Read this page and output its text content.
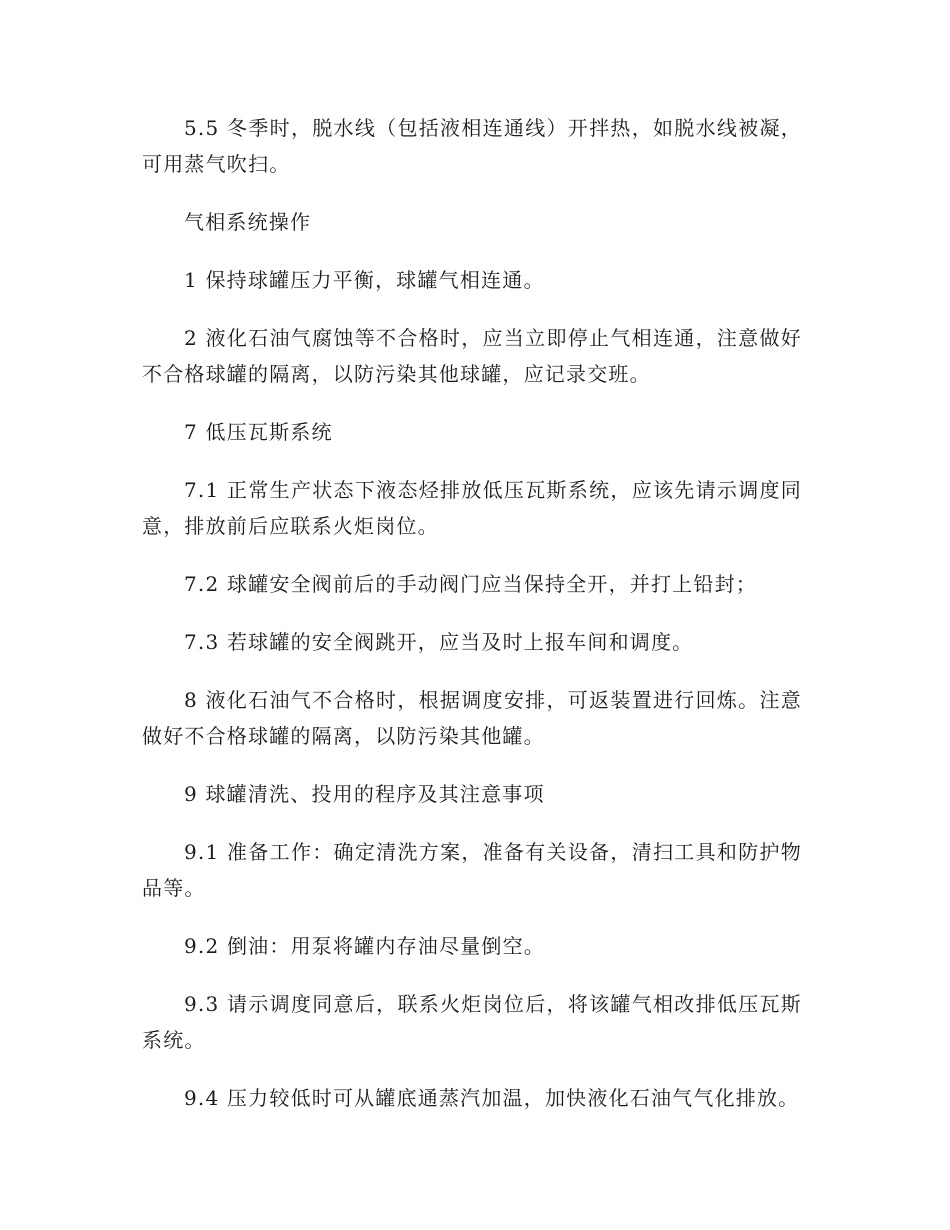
5.5 冬季时，脱水线（包括液相连通线）开拌热，如脱水线被凝，可用蒸气吹扫。

气相系统操作

1 保持球罐压力平衡，球罐气相连通。

2 液化石油气腐蚀等不合格时，应当立即停止气相连通，注意做好不合格球罐的隔离，以防污染其他球罐，应记录交班。

7 低压瓦斯系统

7.1 正常生产状态下液态烃排放低压瓦斯系统，应该先请示调度同意，排放前后应联系火炬岗位。

7.2 球罐安全阀前后的手动阀门应当保持全开，并打上铅封；

7.3 若球罐的安全阀跳开，应当及时上报车间和调度。

8 液化石油气不合格时，根据调度安排，可返装置进行回炼。注意做好不合格球罐的隔离，以防污染其他罐。

9 球罐清洗、投用的程序及其注意事项

9.1 准备工作：确定清洗方案，准备有关设备，清扫工具和防护物品等。

9.2 倒油：用泵将罐内存油尽量倒空。

9.3 请示调度同意后，联系火炬岗位后，将该罐气相改排低压瓦斯系统。

9.4 压力较低时可从罐底通蒸汽加温，加快液化石油气气化排放。
